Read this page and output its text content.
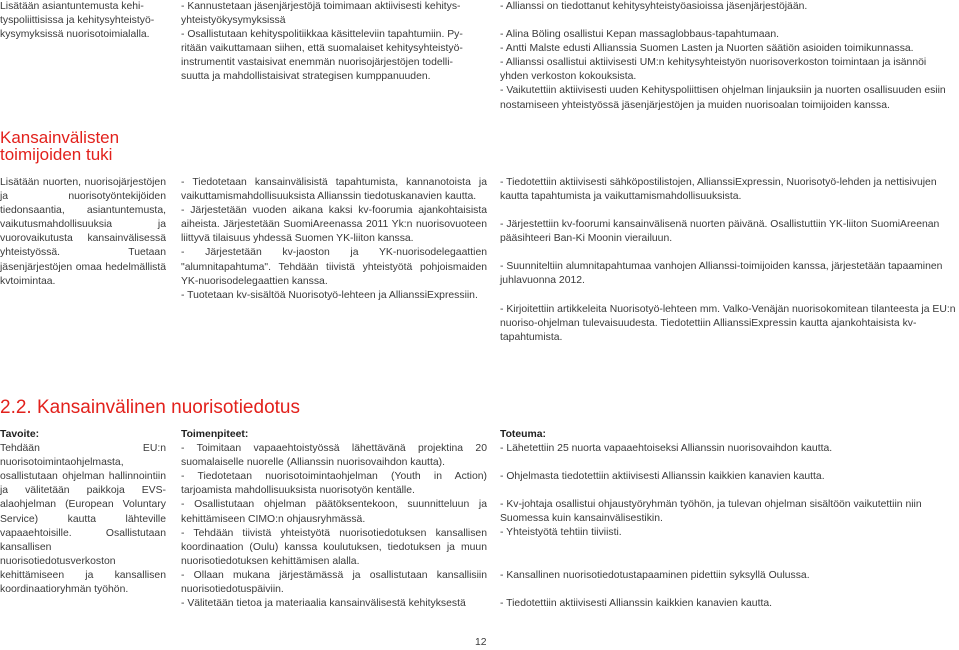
Lisätään asiantuntemusta kehi-

tyspoliittisissa ja kehitysyhteistyö-

kysymyksissä nuorisotoimialalla.

- Kannustetaan jäsenjärjestöjä toimimaan aktiivisesti kehitys-

yhteistyökysymyksissä

- Osallistutaan kehityspolitiikkaa käsitteleviin tapahtumiin. Py-

ritään vaikuttamaan siihen, että suomalaiset kehitysyhteistyö-

instrumentit vastaisivat enemmän nuorisojärjestöjen todelli-

suutta ja mahdollistaisivat strategisen kumppanuuden.

- Allianssi on tiedottanut kehitysyhteistyöasioissa jäsenjärjestöjään.

- Alina Böling osallistui Kepan massaglobbaus-tapahtumaan.

- Antti Malste edusti Allianssia Suomen Lasten ja Nuorten säätiön asioiden toimikunnassa.

- Allianssi osallistui aktiivisesti UM:n kehitysyhteistyön nuorisoverkoston toimintaan ja isännöi yhden verkoston kokouksista.

- Vaikutettiin aktiivisesti uuden Kehityspoliittisen ohjelman linjauksiin ja nuorten osallisuuden esiin nostamiseen yhteistyössä jäsenjärjestöjen ja muiden nuorisoalan toimijoiden kanssa.

Kansainvälisten
toimijoiden tuki

Lisätään nuorten, nuorisojärjestöjen ja nuorisotyöntekijöiden tiedonsaantia, asiantuntemusta, vaikutusmahdollisuuksia ja vuorovaikutusta kansainvälisessä yhteistyössä. Tuetaan jäsenjärjestöjen omaa hedelmällistä kvtoimintaa.

- Tiedotetaan kansainvälisistä tapahtumista, kannanotoista ja vaikuttamismahdollisuuksista Allianssin tiedotuskanavien kautta.

- Järjestetään vuoden aikana kaksi kv-foorumia ajankohtaisista aiheista. Järjestetään SuomiAreenassa 2011 Yk:n nuorisovuoteen liittyvä tilaisuus yhdessä Suomen YK-liiton kanssa.

- Järjestetään kv-jaoston ja YK-nuorisodelegaattien "alumnitapahtuma". Tehdään tiivistä yhteistyötä pohjoismaiden YK-nuorisodelegaattien kanssa.

- Tuotetaan kv-sisältöä Nuorisotyö-lehteen ja AllianssiExpressiin.

- Tiedotettiin aktiivisesti sähköpostilistojen, AllianssiExpressin, Nuorisotyö-lehden ja nettisivujen kautta tapahtumista ja vaikuttamismahdollisuuksista.

- Järjestettiin kv-foorumi kansainvälisenä nuorten päivänä. Osallistuttiin YK-liiton SuomiAreenan pääsihteeri Ban-Ki Moonin vierailuun.

- Suunniteltiin alumnitapahtumaa vanhojen Allianssi-toimijoiden kanssa, järjestetään tapaaminen juhlavuonna 2012.

- Kirjoitettiin artikkeleita Nuorisotyö-lehteen mm. Valko-Venäjän nuorisokomitean tilanteesta ja EU:n nuoriso-ohjelman tulevaisuudesta. Tiedotettiin AllianssiExpressin kautta ajankohtaisista kv-tapahtumista.

2.2. Kansainvälinen nuorisotiedotus

Tavoite:

Tehdään EU:n nuorisotoimintaohjelmasta, osallistutaan ohjelman hallinnointiin ja välitetään paikkoja EVS-alaohjelman (European Voluntary Service) kautta lähteville vapaaehtoisille. Osallistutaan kansallisen nuorisotiedotusverkoston kehittämiseen ja kansallisen koordinaatioryhmän työhön.

Toimenpiteet:

- Toimitaan vapaaehtoistyössä lähettävänä projektina 20 suomalaiselle nuorelle (Allianssin nuorisovaihdon kautta).

- Tiedotetaan nuorisotoimintaohjelman (Youth in Action) tarjoamista mahdollisuuksista nuorisotyön kentälle.

- Osallistutaan ohjelman päätöksentekoon, suunnitteluun ja kehittämiseen CIMO:n ohjausryhmässä.

- Tehdään tiivistä yhteistyötä nuorisotiedotuksen kansallisen koordinaation (Oulu) kanssa koulutuksen, tiedotuksen ja muun nuorisotiedotuksen kehittämisen alalla.

- Ollaan mukana järjestämässä ja osallistutaan kansallisiin nuorisotiedotuspäiviin.

- Välitetään tietoa ja materiaalia kansainvälisestä kehityksestä

Toteuma:

- Lähetettiin 25 nuorta vapaaehtoiseksi Allianssin nuorisovaihdon kautta.

- Ohjelmasta tiedotettiin aktiivisesti Allianssin kaikkien kanavien kautta.

- Kv-johtaja osallistui ohjaustyöryhmän työhön, ja tulevan ohjelman sisältöön vaikutettiin niin Suomessa kuin kansainvälisestikin.

- Yhteistyötä tehtiin tiiviisti.

- Kansallinen nuorisotiedotustapaaminen pidettiin syksyllä Oulussa.

- Tiedotettiin aktiivisesti Allianssin kaikkien kanavien kautta.

12
